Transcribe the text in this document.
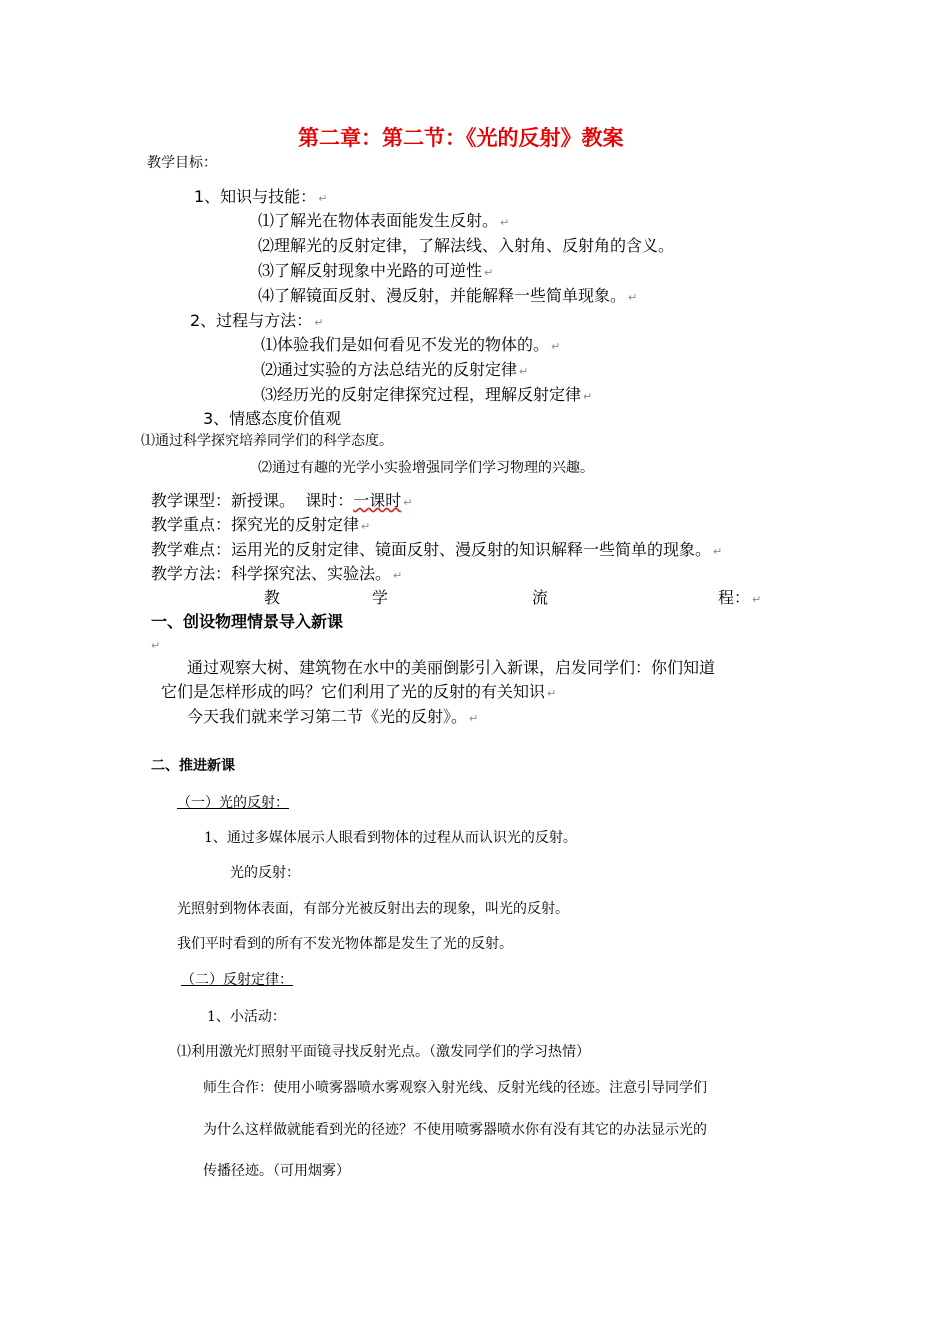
第二章：第二节：《光的反射》教案
教学目标：
1、知识与技能： ↵
⑴了解光在物体表面能发生反射。 ↵
⑵理解光的反射定律，了解法线、入射角、反射角的含义。
⑶了解反射现象中光路的可逆性 ↵
⑷了解镜面反射、漫反射，并能解释一些简单现象。 ↵
2、过程与方法： ↵
⑴体验我们是如何看见不发光的物体的。 ↵
⑵通过实验的方法总结光的反射定律 ↵
⑶经历光的反射定律探究过程，理解反射定律 ↵
3、情感态度价值观
⑴通过科学探究培养同学们的科学态度。
⑵通过有趣的光学小实验增强同学们学习物理的兴趣。
教学课型：新授课。 课时：一课时 ↵
教学重点：探究光的反射定律 ↵
教学难点：运用光的反射定律、镜面反射、漫反射的知识解释一些简单的现象。 ↵
教学方法：科学探究法、实验法。 ↵
教	学	流	程： ↵
一、创设物理情景导入新课
↵
通过观察大树、建筑物在水中的美丽倒影引入新课，启发同学们：你们知道
它们是怎样形成的吗？它们利用了光的反射的有关知识 ↵
今天我们就来学习第二节《光的反射》。 ↵
二、推进新课
（一）光的反射：
1、通过多媒体展示人眼看到物体的过程从而认识光的反射。
光的反射：
光照射到物体表面，有部分光被反射出去的现象，叫光的反射。
我们平时看到的所有不发光物体都是发生了光的反射。
（二）反射定律：
1、小活动：
⑴利用激光灯照射平面镜寻找反射光点。（激发同学们的学习热情）
师生合作：使用小喷雾器喷水雾观察入射光线、反射光线的径迹。注意引导同学们
为什么这样做就能看到光的径迹？不使用喷雾器喷水你有没有其它的办法显示光的
传播径迹。（可用烟雾）
